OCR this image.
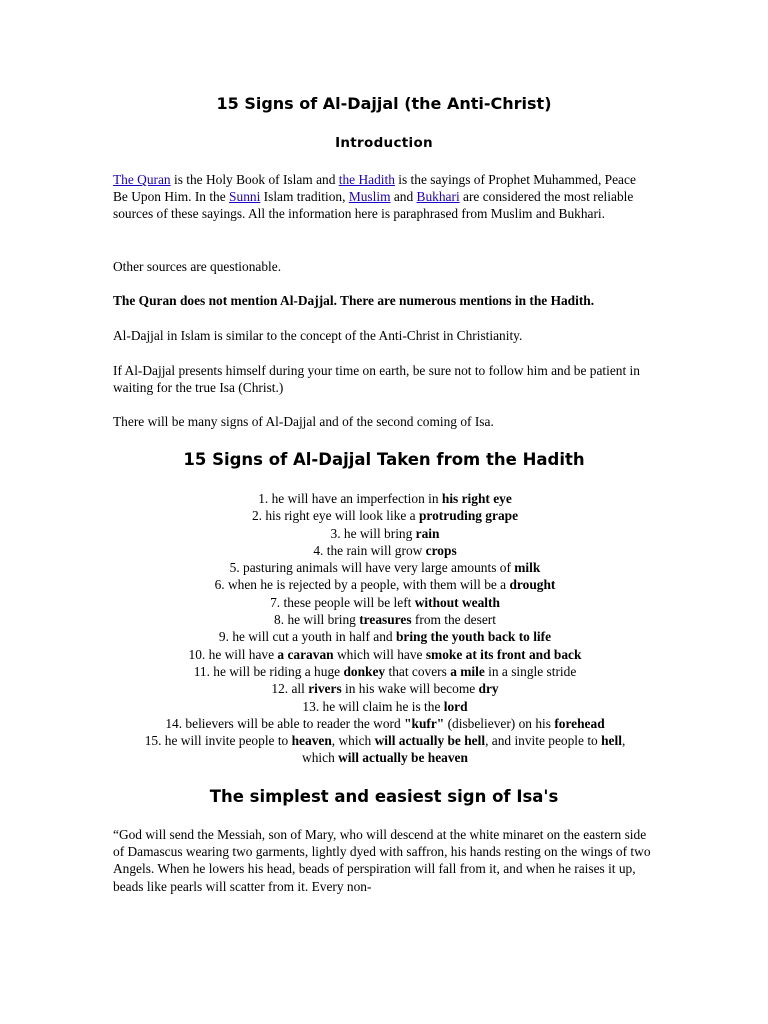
15 Signs of Al-Dajjal (the Anti-Christ)
Introduction
The Quran is the Holy Book of Islam and the Hadith is the sayings of Prophet Muhammed, Peace Be Upon Him. In the Sunni Islam tradition, Muslim and Bukhari are considered the most reliable sources of these sayings. All the information here is paraphrased from Muslim and Bukhari.
Other sources are questionable.
The Quran does not mention Al-Dajjal. There are numerous mentions in the Hadith.
Al-Dajjal in Islam is similar to the concept of the Anti-Christ in Christianity.
If Al-Dajjal presents himself during your time on earth, be sure not to follow him and be patient in waiting for the true Isa (Christ.)
There will be many signs of Al-Dajjal and of the second coming of Isa.
15 Signs of Al-Dajjal Taken from the Hadith
1. he will have an imperfection in his right eye
2. his right eye will look like a protruding grape
3. he will bring rain
4. the rain will grow crops
5. pasturing animals will have very large amounts of milk
6. when he is rejected by a people, with them will be a drought
7. these people will be left without wealth
8. he will bring treasures from the desert
9. he will cut a youth in half and bring the youth back to life
10. he will have a caravan which will have smoke at its front and back
11. he will be riding a huge donkey that covers a mile in a single stride
12. all rivers in his wake will become dry
13. he will claim he is the lord
14. believers will be able to reader the word "kufr" (disbeliever) on his forehead
15. he will invite people to heaven, which will actually be hell, and invite people to hell,
which will actually be heaven
The simplest and easiest sign of Isa's
“God will send the Messiah, son of Mary, who will descend at the white minaret on the eastern side of Damascus wearing two garments, lightly dyed with saffron, his hands resting on the wings of two Angels. When he lowers his head, beads of perspiration will fall from it, and when he raises it up, beads like pearls will scatter from it. Every non-
